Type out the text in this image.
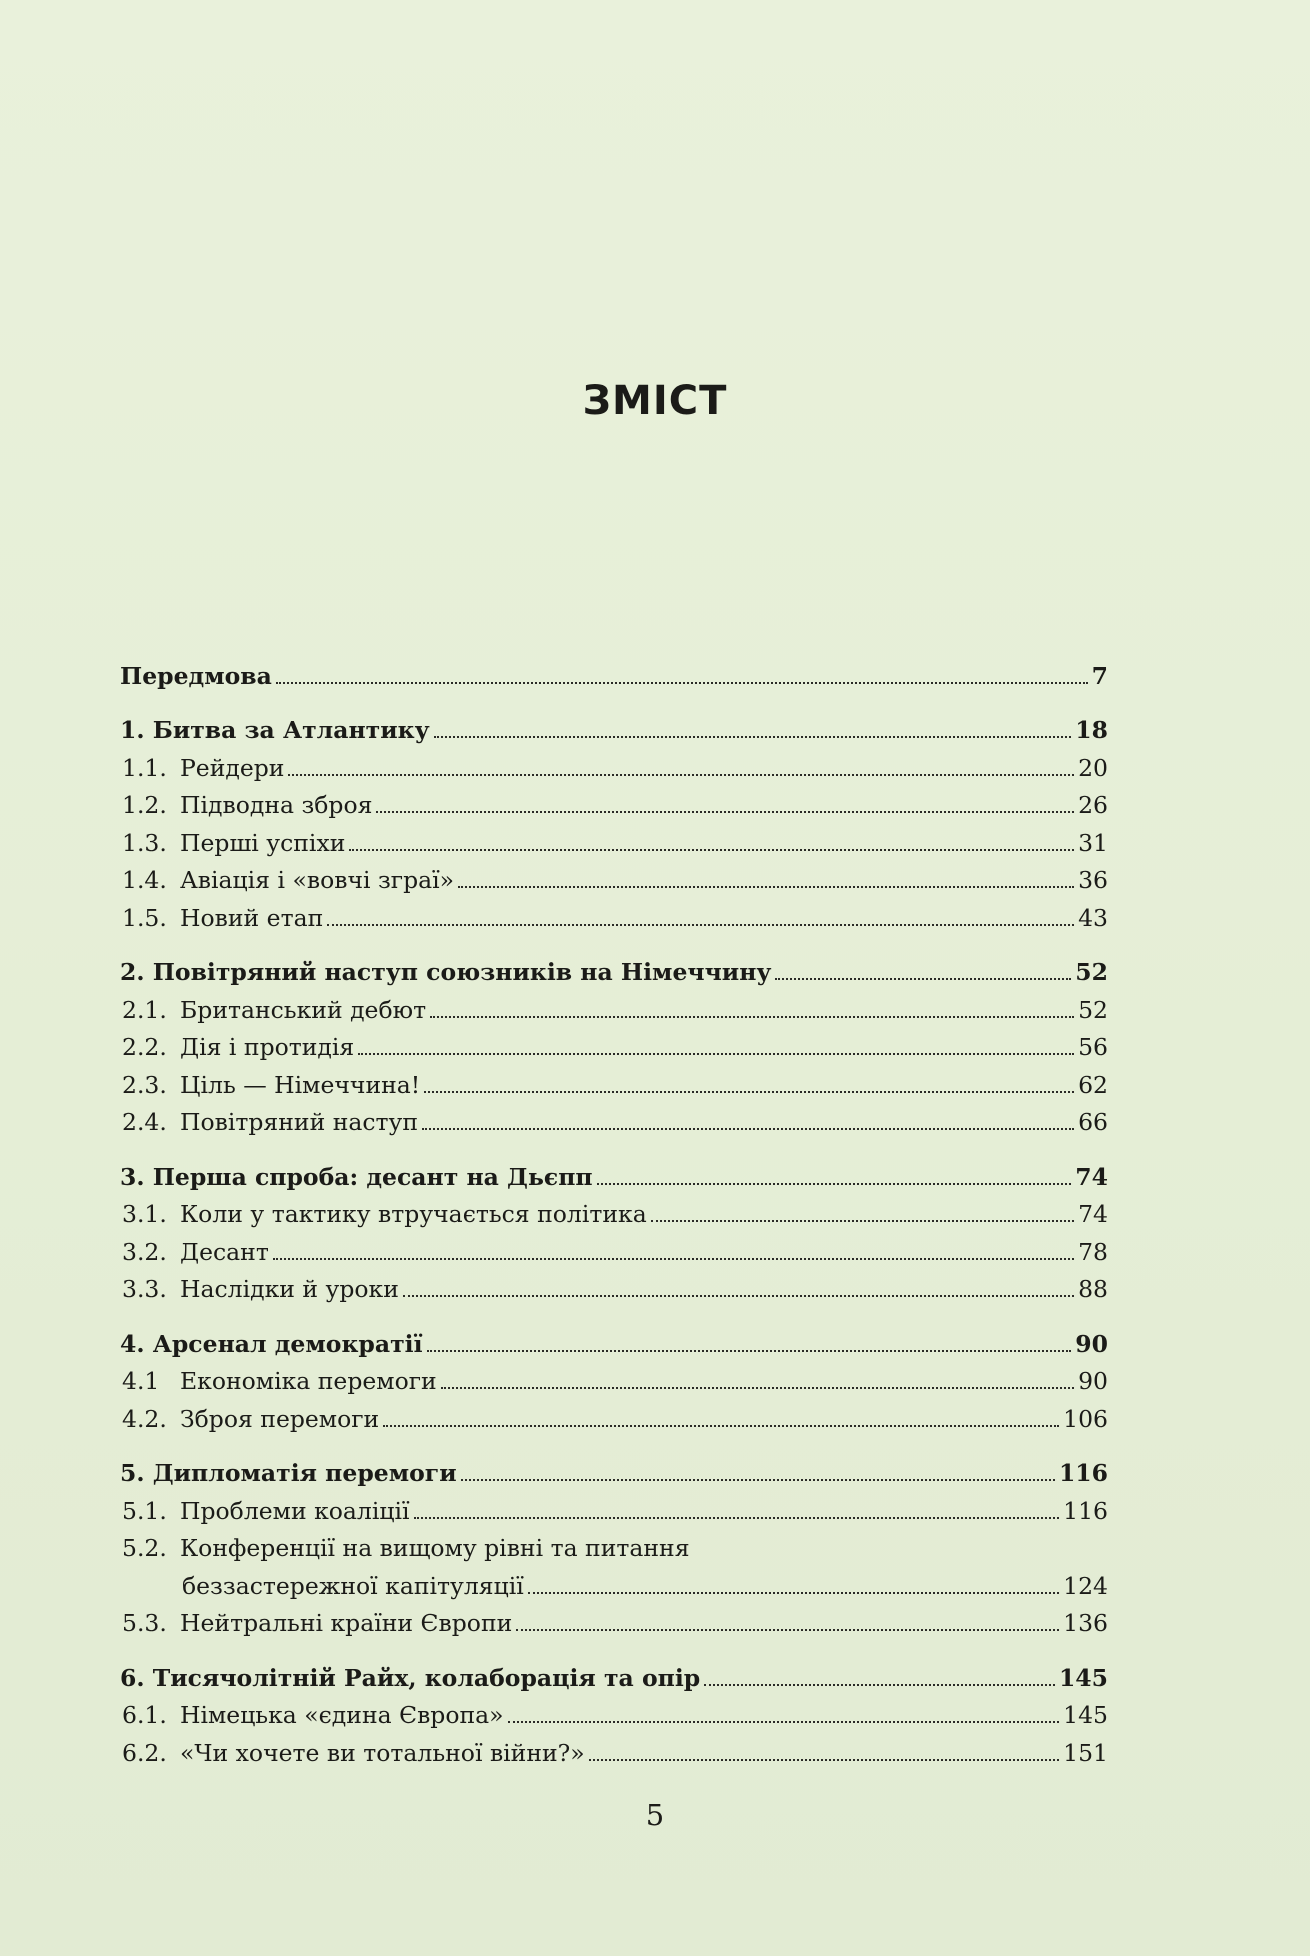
ЗМІСТ
Передмова	7
1. Битва за Атлантику	18
1.1. Рейдери	20
1.2. Підводна зброя	26
1.3. Перші успіхи	31
1.4. Авіація і «вовчі зграї»	36
1.5. Новий етап	43
2. Повітряний наступ союзників на Німеччину	52
2.1. Британський дебют	52
2.2. Дія і протидія	56
2.3. Ціль — Німеччина!	62
2.4. Повітряний наступ	66
3. Перша спроба: десант на Дьєпп	74
3.1. Коли у тактику втручається політика	74
3.2. Десант	78
3.3. Наслідки й уроки	88
4. Арсенал демократії	90
4.1 Економіка перемоги	90
4.2. Зброя перемоги	106
5. Дипломатія перемоги	116
5.1. Проблеми коаліції	116
5.2. Конференції на вищому рівні та питання
беззастережної капітуляції	124
5.3. Нейтральні країни Європи	136
6. Тисячолітній Райх, колаборація та опір	145
6.1. Німецька «єдина Європа»	145
6.2. «Чи хочете ви тотальної війни?»	151
5
